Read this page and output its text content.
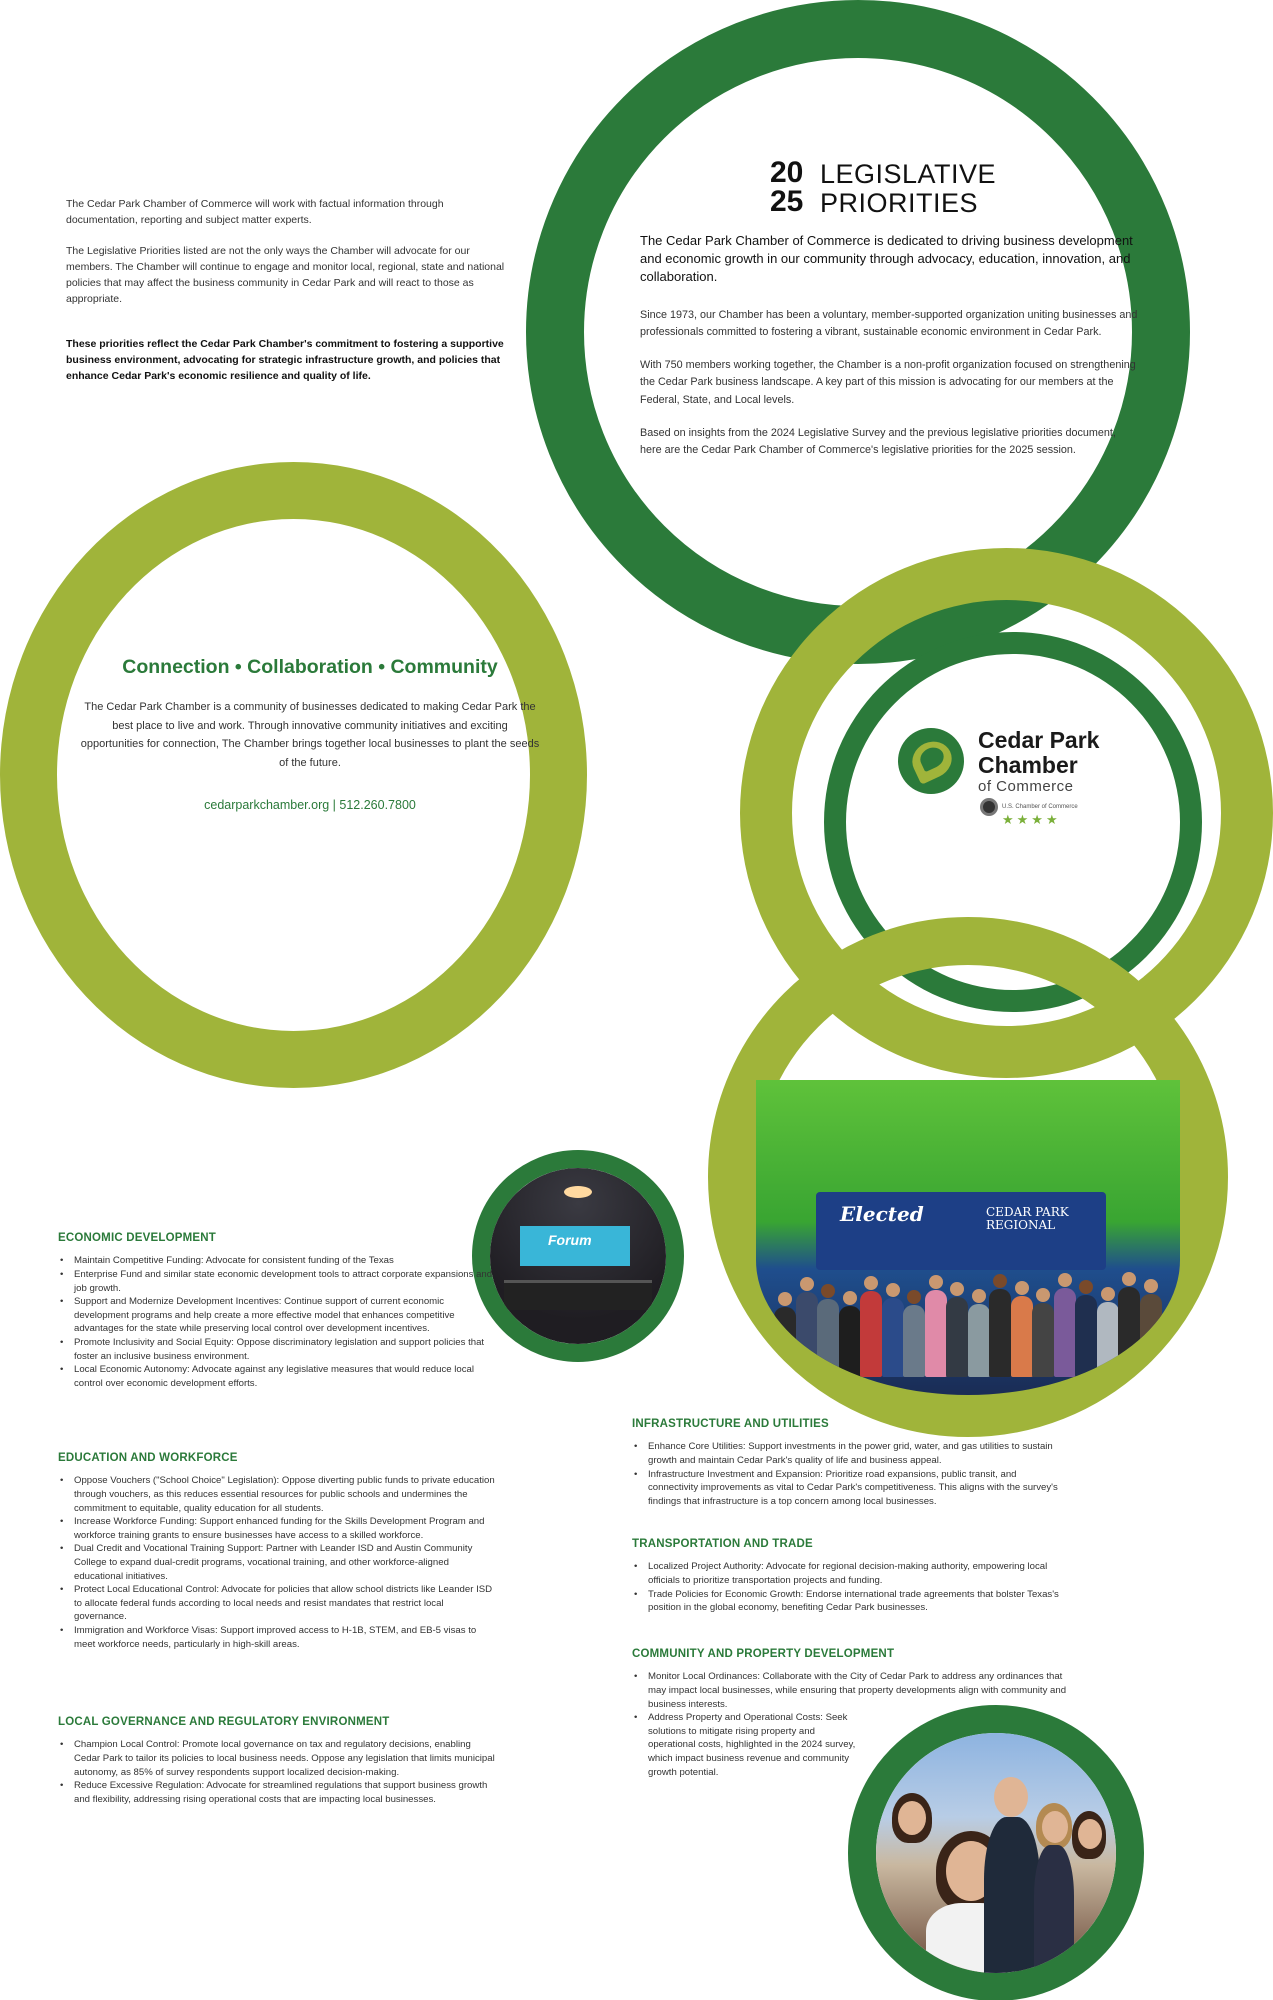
The Cedar Park Chamber of Commerce will work with factual information through documentation, reporting and subject matter experts.

The Legislative Priorities listed are not the only ways the Chamber will advocate for our members. The Chamber will continue to engage and monitor local, regional, state and national policies that may affect the business community in Cedar Park and will react to those as appropriate.

These priorities reflect the Cedar Park Chamber's commitment to fostering a supportive business environment, advocating for strategic infrastructure growth, and policies that enhance Cedar Park's economic resilience and quality of life.

20
25
LEGISLATIVE
PRIORITIES

The Cedar Park Chamber of Commerce is dedicated to driving business development and economic growth in our community through advocacy, education, innovation, and collaboration.

Since 1973, our Chamber has been a voluntary, member-supported organization uniting businesses and professionals committed to fostering a vibrant, sustainable economic environment in Cedar Park.

With 750 members working together, the Chamber is a non-profit organization focused on strengthening the Cedar Park business landscape. A key part of this mission is advocating for our members at the Federal, State, and Local levels.

Based on insights from the 2024 Legislative Survey and the previous legislative priorities document, here are the Cedar Park Chamber of Commerce's legislative priorities for the 2025 session.

Connection • Collaboration • Community
The Cedar Park Chamber is a community of businesses dedicated to making Cedar Park the best place to live and work. Through innovative community initiatives and exciting opportunities for connection, The Chamber brings together local businesses to plant the seeds of the future.
cedarparkchamber.org | 512.260.7800
Cedar Park
Chamber
of Commerce
U.S. Chamber of Commerce
★★★★
Elected	CEDAR PARK REGIONAL
Forum
ECONOMIC DEVELOPMENT
• Maintain Competitive Funding: Advocate for consistent funding of the Texas
• Enterprise Fund and similar state economic development tools to attract corporate expansions and job growth.
• Support and Modernize Development Incentives: Continue support of current economic development programs and help create a more effective model that enhances competitive advantages for the state while preserving local control over development incentives.
• Promote Inclusivity and Social Equity: Oppose discriminatory legislation and support policies that foster an inclusive business environment.
• Local Economic Autonomy: Advocate against any legislative measures that would reduce local control over economic development efforts.
EDUCATION AND WORKFORCE
• Oppose Vouchers ("School Choice" Legislation): Oppose diverting public funds to private education through vouchers, as this reduces essential resources for public schools and undermines the commitment to equitable, quality education for all students.
• Increase Workforce Funding: Support enhanced funding for the Skills Development Program and workforce training grants to ensure businesses have access to a skilled workforce.
• Dual Credit and Vocational Training Support: Partner with Leander ISD and Austin Community College to expand dual-credit programs, vocational training, and other workforce-aligned educational initiatives.
• Protect Local Educational Control: Advocate for policies that allow school districts like Leander ISD to allocate federal funds according to local needs and resist mandates that restrict local governance.
• Immigration and Workforce Visas: Support improved access to H-1B, STEM, and EB-5 visas to meet workforce needs, particularly in high-skill areas.
LOCAL GOVERNANCE AND REGULATORY ENVIRONMENT
• Champion Local Control: Promote local governance on tax and regulatory decisions, enabling Cedar Park to tailor its policies to local business needs. Oppose any legislation that limits municipal autonomy, as 85% of survey respondents support localized decision-making.
• Reduce Excessive Regulation: Advocate for streamlined regulations that support business growth and flexibility, addressing rising operational costs that are impacting local businesses.
INFRASTRUCTURE AND UTILITIES
• Enhance Core Utilities: Support investments in the power grid, water, and gas utilities to sustain growth and maintain Cedar Park's quality of life and business appeal.
• Infrastructure Investment and Expansion: Prioritize road expansions, public transit, and connectivity improvements as vital to Cedar Park's competitiveness. This aligns with the survey's findings that infrastructure is a top concern among local businesses.
TRANSPORTATION AND TRADE
• Localized Project Authority: Advocate for regional decision-making authority, empowering local officials to prioritize transportation projects and funding.
• Trade Policies for Economic Growth: Endorse international trade agreements that bolster Texas's position in the global economy, benefiting Cedar Park businesses.
COMMUNITY AND PROPERTY DEVELOPMENT
• Monitor Local Ordinances: Collaborate with the City of Cedar Park to address any ordinances that may impact local businesses, while ensuring that property developments align with community and business interests.
• Address Property and Operational Costs: Seek solutions to mitigate rising property and operational costs, highlighted in the 2024 survey, which impact business revenue and community growth potential.
